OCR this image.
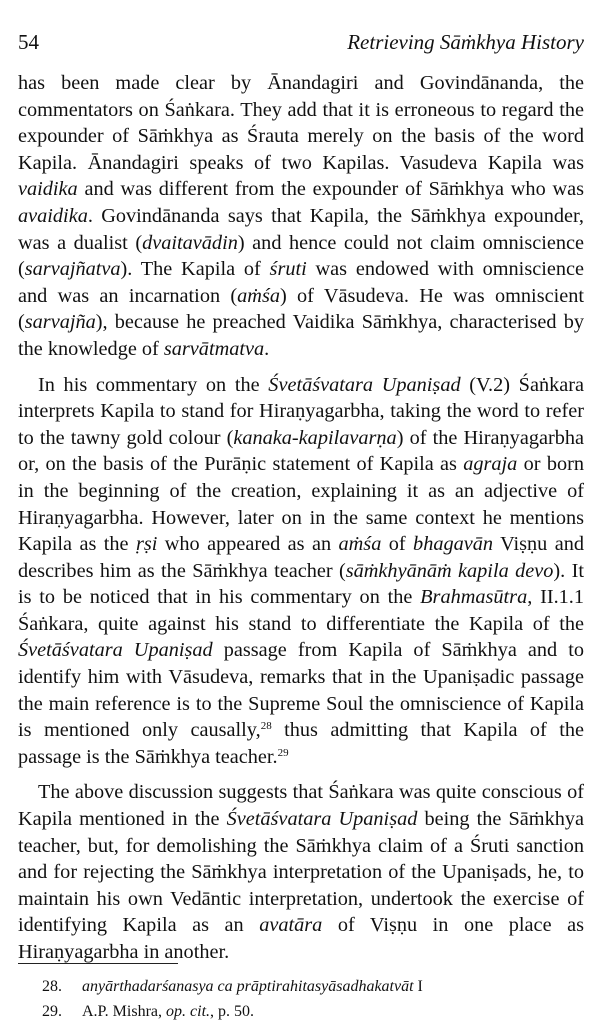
54	Retrieving Sāṁkhya History

has been made clear by Ānandagiri and Govindānanda, the commentators on Śaṅkara. They add that it is erroneous to regard the expounder of Sāṁkhya as Śrauta merely on the basis of the word Kapila. Ānandagiri speaks of two Kapilas. Vasudeva Kapila was vaidika and was different from the expounder of Sāṁkhya who was avaidika. Govindānanda says that Kapila, the Sāṁkhya expounder, was a dualist (dvaitavādin) and hence could not claim omniscience (sarvajñatva). The Kapila of śruti was endowed with omniscience and was an incarnation (aṁśa) of Vāsudeva. He was omniscient (sarvajña), because he preached Vaidika Sāṁkhya, characterised by the knowledge of sarvātmatva.

In his commentary on the Śvetāśvatara Upaniṣad (V.2) Śaṅkara interprets Kapila to stand for Hiraṇyagarbha, taking the word to refer to the tawny gold colour (kanaka-kapilavarṇa) of the Hiraṇyagarbha or, on the basis of the Purāṇic statement of Kapila as agraja or born in the beginning of the creation, explaining it as an adjective of Hiraṇyagarbha. However, later on in the same context he mentions Kapila as the ṛṣi who appeared as an aṁśa of bhagavān Viṣṇu and describes him as the Sāṁkhya teacher (sāṁkhyānāṁ kapila devo). It is to be noticed that in his commentary on the Brahmasūtra, II.1.1 Śaṅkara, quite against his stand to differentiate the Kapila of the Śvetāśvatara Upaniṣad passage from Kapila of Sāṁkhya and to identify him with Vāsudeva, remarks that in the Upaniṣadic passage the main reference is to the Supreme Soul the omniscience of Kapila is mentioned only causally,$^{28}$ thus admitting that Kapila of the passage is the Sāṁkhya teacher.$^{29}$

The above discussion suggests that Śaṅkara was quite conscious of Kapila mentioned in the Śvetāśvatara Upaniṣad being the Sāṁkhya teacher, but, for demolishing the Sāṁkhya claim of a Śruti sanction and for rejecting the Sāṁkhya interpretation of the Upaniṣads, he, to maintain his own Vedāntic interpretation, undertook the exercise of identifying Kapila as an avatāra of Viṣṇu in one place as Hiraṇyagarbha in another.

28. anyārthadarśanasya ca prāptirahitasyāsadhakatvāt I
29. A.P. Mishra, op. cit., p. 50.
